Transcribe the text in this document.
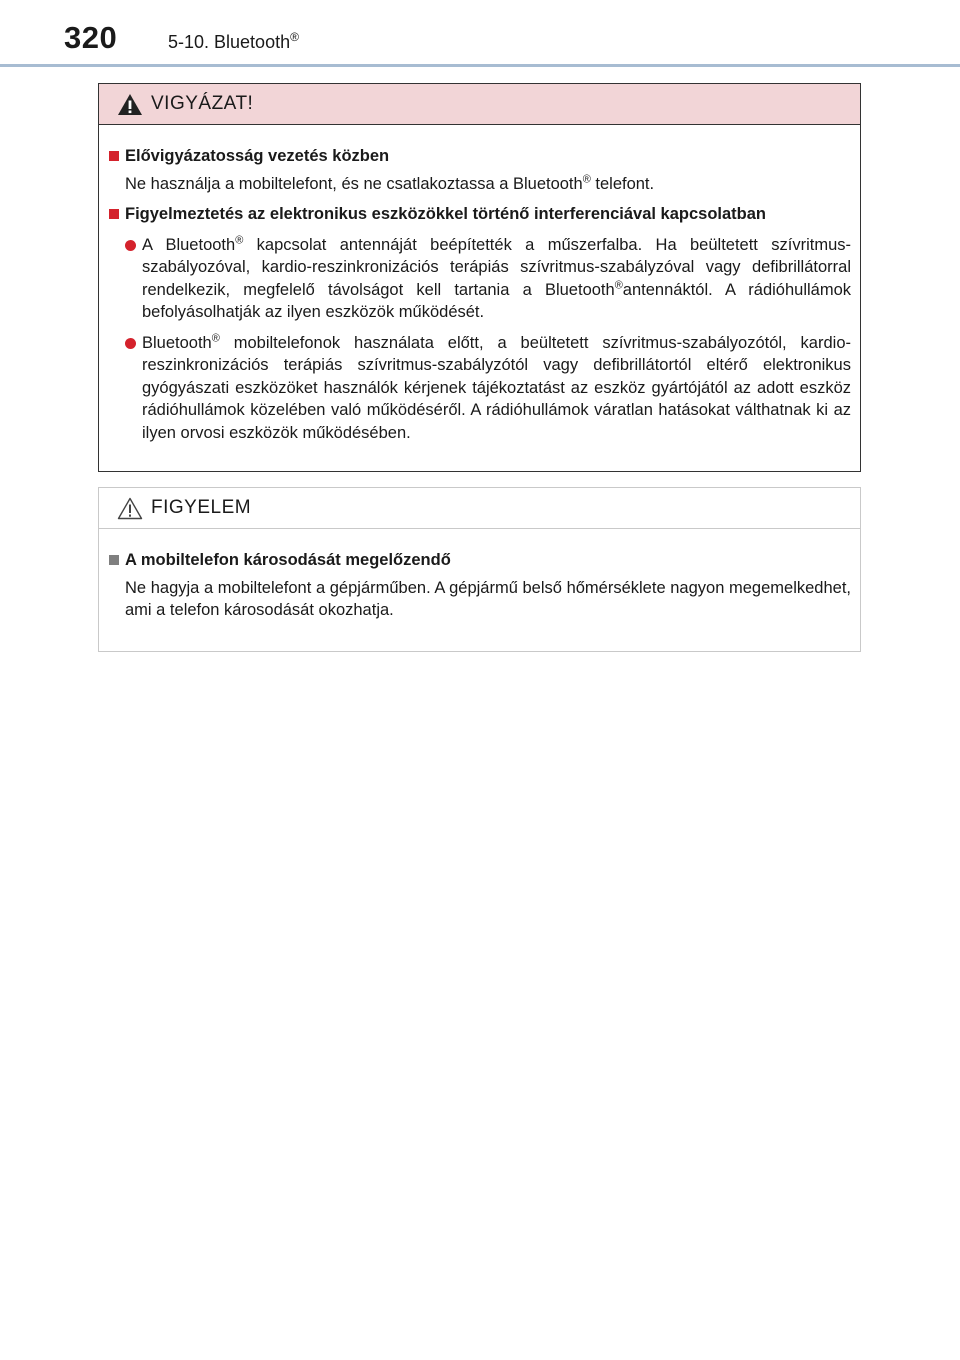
320	5-10. Bluetooth®
VIGYÁZAT!
Elővigyázatosság vezetés közben
Ne használja a mobiltelefont, és ne csatlakoztassa a Bluetooth® telefont.
Figyelmeztetés az elektronikus eszközökkel történő interferenciával kapcsolatban
A Bluetooth® kapcsolat antennáját beépítették a műszerfalba. Ha beültetett szívritmus-szabályozóval, kardio-reszinkronizációs terápiás szívritmus-szabályzóval vagy defibrillátorral rendelkezik, megfelelő távolságot kell tartania a Bluetooth®antennáktól. A rádióhullámok befolyásolhatják az ilyen eszközök működését.
Bluetooth® mobiltelefonok használata előtt, a beültetett szívritmus-szabályozótól, kardio-reszinkronizációs terápiás szívritmus-szabályzótól vagy defibrillátortól eltérő elektronikus gyógyászati eszközöket használók kérjenek tájékoztatást az eszköz gyártójától az adott eszköz rádióhullámok közelében való működéséről. A rádióhullámok váratlan hatásokat válthatnak ki az ilyen orvosi eszközök működésében.
FIGYELEM
A mobiltelefon károsodását megelőzendő
Ne hagyja a mobiltelefont a gépjárműben. A gépjármű belső hőmérséklete nagyon megemelkedhet, ami a telefon károsodását okozhatja.
